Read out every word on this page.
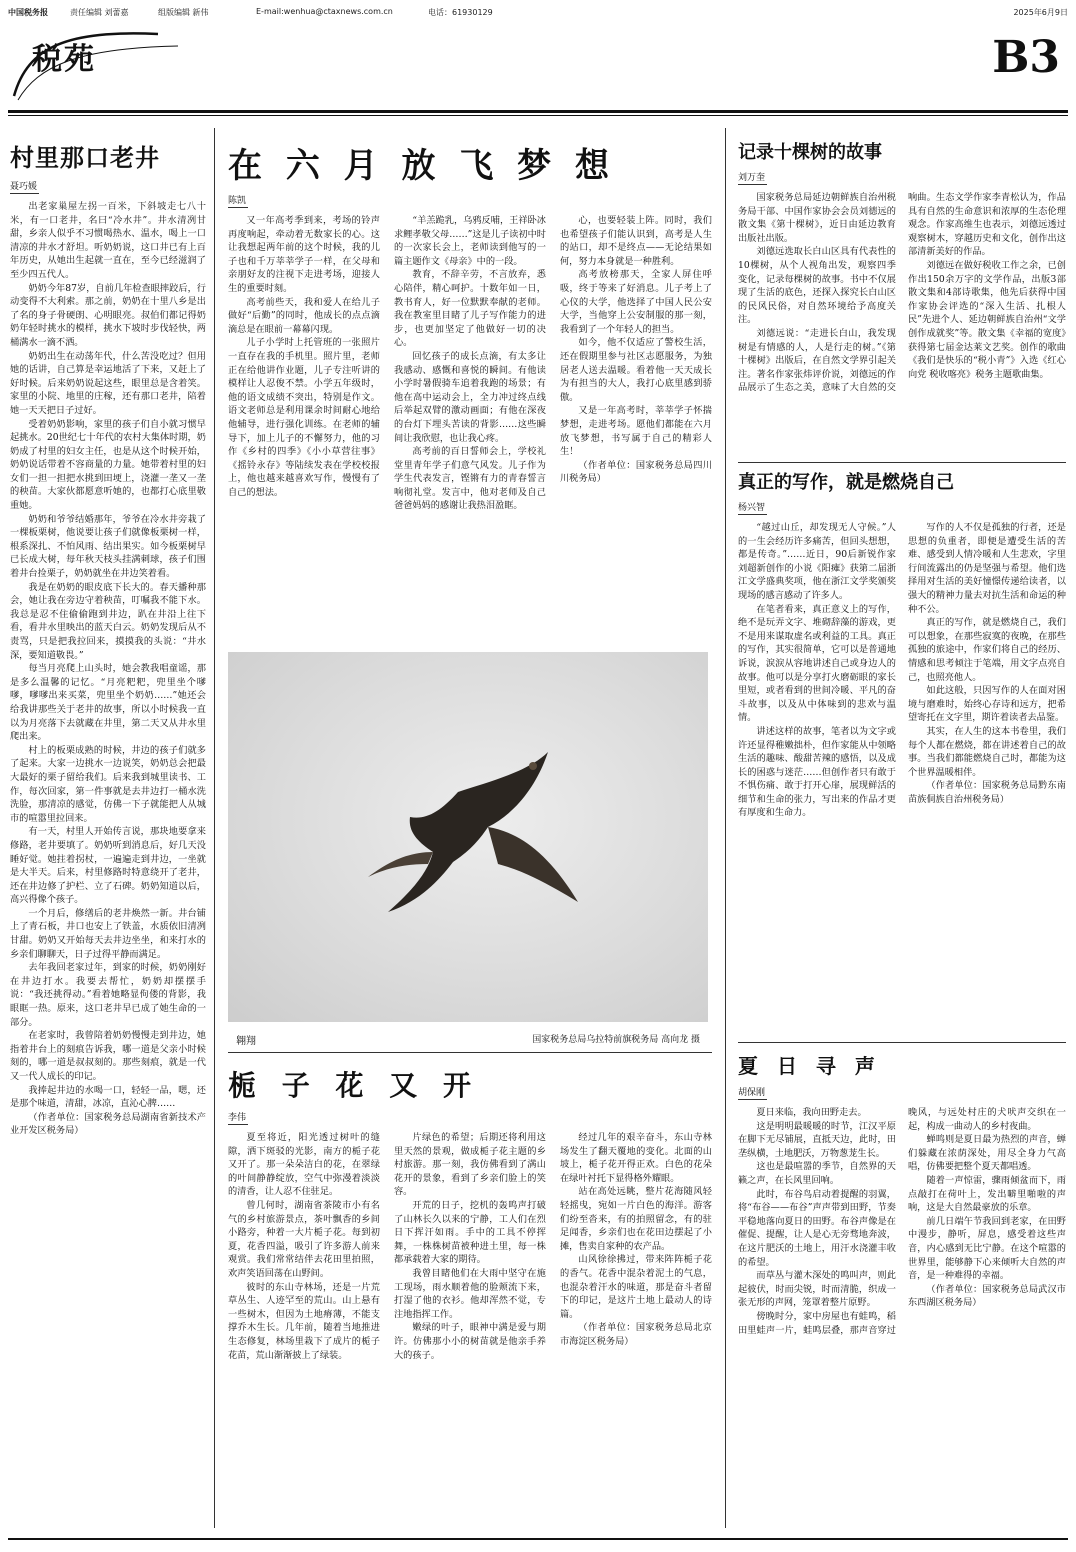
中国税务报	责任编辑 刘蕾嘉	组版编辑 新伟	E-mail:wenhua@ctaxnews.com.cn	电话：61930129	2025年6月9日
税苑	B3
村里那口老井
聂巧媛

出老家巢屋左拐一百米，下斜坡走七八十米，有一口老井，名曰“冷水井”。井水清冽甘甜，乡亲人似乎不习惯喝热水、温水，喝上一口清凉的井水才舒坦。听奶奶说，这口井已有上百年历史，从她出生起就一直在，至今已经滋润了至少四五代人。

奶奶今年87岁，自前几年检查眼摔跤后，行动变得不大利索。那之前，奶奶在十里八乡是出了名的身子骨硬朗、心明眼亮。叔伯们都记得奶奶年轻时挑水的模样，挑水下坡时步伐轻快，两桶满水一滴不洒。

奶奶出生在动荡年代，什么苦没吃过？但用她的话讲，自己算是幸运地活了下来，又赶上了好时候。后来奶奶说起这些，眼里总是含着笑。家里的小院、地里的庄稼，还有那口老井，陪着她一天天把日子过好。

受着奶奶影响，家里的孩子们自小就习惯早起挑水。20世纪七十年代的农村大集体时期，奶奶成了村里的妇女主任，也是从这个时候开始，奶奶说话带着不容商量的力量。她带着村里的妇女们一担一担把水挑到田埂上，浇灌一垄又一垄的秧苗。大家伙都愿意听她的，也都打心底里敬重她。

奶奶和爷爷结婚那年，爷爷在冷水井旁栽了一棵板栗树，他说要让孩子们就像板栗树一样，根系深扎、不怕风雨、结出果实。如今板栗树早已长成大树，每年秋天枝头挂满刺球，孩子们围着井台捡栗子，奶奶就坐在井边笑着看。

我是在奶奶的眼皮底下长大的。春天播种那会，她让我在旁边守着秧苗，叮嘱我不能下水。我总是忍不住偷偷跑到井边，趴在井沿上往下看，看井水里映出的蓝天白云。奶奶发现后从不责骂，只是把我拉回来，摸摸我的头说：“井水深，要知道敬畏。”

每当月亮爬上山头时，她会教我唱童谣，那是多么温馨的记忆。“月亮粑粑，兜里坐个嗲嗲，嗲嗲出来买菜，兜里坐个奶奶……”她还会给我讲那些关于老井的故事，所以小时候我一直以为月亮落下去就藏在井里，第二天又从井水里爬出来。

村上的板栗成熟的时候，井边的孩子们就多了起来。大家一边挑水一边说笑，奶奶总会把最大最好的栗子留给我们。后来我到城里读书、工作，每次回家，第一件事就是去井边打一桶水洗洗脸，那清凉的感觉，仿佛一下子就能把人从城市的喧嚣里拉回来。

有一天，村里人开始传言说，那块地要拿来修路，老井要填了。奶奶听到消息后，好几天没睡好觉。她拄着拐杖，一遍遍走到井边，一坐就是大半天。后来，村里修路时特意绕开了老井，还在井边修了护栏、立了石碑。奶奶知道以后，高兴得像个孩子。

一个月后，修缮后的老井焕然一新。井台铺上了青石板，井口也安上了铁盖，水质依旧清冽甘甜。奶奶又开始每天去井边坐坐，和来打水的乡亲们聊聊天，日子过得平静而满足。

去年我回老家过年，到家的时候，奶奶刚好在井边打水。我要去帮忙，奶奶却摆摆手说：“我还挑得动。”看着她略显佝偻的背影，我眼眶一热。原来，这口老井早已成了她生命的一部分。

在老家时，我曾陪着奶奶慢慢走到井边，她指着井台上的刻痕告诉我，哪一道是父亲小时候刻的，哪一道是叔叔刻的。那些刻痕，就是一代又一代人成长的印记。

我捧起井边的水喝一口，轻轻一品，嗯，还是那个味道，清甜，冰凉，直沁心脾……

（作者单位：国家税务总局湖南省新技术产业开发区税务局）

在 六 月 放 飞 梦 想
陈凯

又一年高考季到来，考场的铃声再度响起，牵动着无数家长的心。这让我想起两年前的这个时候，我的儿子也和千万莘莘学子一样，在父母和亲朋好友的注视下走进考场，迎接人生的重要时刻。

高考前些天，我和爱人在给儿子做好“后勤”的同时，他成长的点点滴滴总是在眼前一幕幕闪现。

儿子小学时上托管班的一张照片一直存在我的手机里。照片里，老师正在给他讲作业题，儿子专注听讲的模样让人忍俊不禁。小学五年级时，他的语文成绩不突出，特别是作文。语文老师总是利用课余时间耐心地给他辅导，进行强化训练。在老师的辅导下，加上儿子的不懈努力，他的习作《乡村的四季》《小小草营往事》《摇铃永存》等陆续发表在学校校报上，他也越来越喜欢写作，慢慢有了自己的想法。

“羊羔跪乳，乌鸦反哺，王祥卧冰求鲤孝敬父母……”这是儿子读初中时的一次家长会上，老师读到他写的一篇主题作文《母亲》中的一段。

教育，不辞辛劳，不言放弃，悉心陪伴，精心呵护。十数年如一日，教书育人，好一位默默奉献的老师。我在教室里目睹了儿子写作能力的进步，也更加坚定了他做好一切的决心。

回忆孩子的成长点滴，有太多让我感动、感慨和喜悦的瞬间。有他读小学时暑假骑车追着我跑的场景；有他在高中运动会上，全力冲过终点线后举起双臂的激动画面；有他在深夜的台灯下埋头苦读的背影……这些瞬间让我欣慰，也让我心疼。

高考前的百日誓师会上，学校礼堂里青年学子们意气风发。儿子作为学生代表发言，铿锵有力的青春誓言响彻礼堂。发言中，他对老师及自己爸爸妈妈的感谢让我热泪盈眶。

心，也要轻装上阵。同时，我们也希望孩子们能认识到，高考是人生的站口，却不是终点——无论结果如何，努力本身就是一种胜利。

高考放榜那天，全家人屏住呼吸，终于等来了好消息。儿子考上了心仪的大学，他选择了中国人民公安大学，当他穿上公安制服的那一刻，我看到了一个年轻人的担当。

如今，他不仅适应了警校生活，还在假期里参与社区志愿服务，为独居老人送去温暖。看着他一天天成长为有担当的大人，我打心底里感到骄傲。

又是一年高考时，莘莘学子怀揣梦想，走进考场。愿他们都能在六月放飞梦想，书写属于自己的精彩人生！

（作者单位：国家税务总局四川川税务局）

翱翔	国家税务总局乌拉特前旗税务局 高向龙 摄
栀 子 花 又 开
李伟

夏至将近，阳光透过树叶的缝隙，洒下斑驳的光影，南方的栀子花又开了。那一朵朵洁白的花，在翠绿的叶间静静绽放，空气中弥漫着淡淡的清香，让人忍不住驻足。

曾几何时，湖南省茶陵市小有名气的乡村旅游景点，茶叶飘香的乡间小路旁，种着一大片栀子花。每到初夏，花香四溢，吸引了许多游人前来观赏。我们常常结伴去花田里拍照，欢声笑语回荡在山野间。

彼时的东山寺林场，还是一片荒草丛生、人迹罕至的荒山。山上悬有一些树木，但因为土地瘠薄，不能支撑乔木生长。几年前，随着当地推进生态修复，林场里栽下了成片的栀子花苗，荒山渐渐披上了绿装。

片绿色的希望；后期还将利用这里天然的景观，做成栀子花主题的乡村旅游。那一刻，我仿佛看到了满山花开的景象，看到了乡亲们脸上的笑容。

开荒的日子，挖机的轰鸣声打破了山林长久以来的宁静，工人们在烈日下挥汗如雨。手中的工具不停挥舞，一株株树苗被种进土里，每一株都承载着大家的期待。

我曾目睹他们在大雨中坚守在施工现场，雨水顺着他的脸颊流下来，打湿了他的衣衫。他却浑然不觉，专注地指挥工作。

嫩绿的叶子，眼神中满是爱与期许。仿佛那小小的树苗就是他亲手养大的孩子。

经过几年的艰辛奋斗，东山寺林场发生了翻天覆地的变化。北面的山坡上，栀子花开得正欢。白色的花朵在绿叶衬托下显得格外耀眼。

站在高处远眺，整片花海随风轻轻摇曳，宛如一片白色的海洋。游客们纷至沓来，有的拍照留念，有的驻足闻香，乡亲们也在花田边摆起了小摊，售卖自家种的农产品。

山风徐徐拂过，带来阵阵栀子花的香气。花香中混杂着泥土的气息，也混杂着汗水的味道，那是奋斗者留下的印记，是这片土地上最动人的诗篇。

（作者单位：国家税务总局北京市海淀区税务局）

记录十棵树的故事
刘万奎

国家税务总局延边朝鲜族自治州税务局干部、中国作家协会会员刘德远的散文集《第十棵树》，近日由延边教育出版社出版。

刘德远选取长白山区具有代表性的10棵树，从个人视角出发，观察四季变化，记录每棵树的故事。书中不仅展现了生活的底色，还探入探究长白山区的民风民俗，对自然环境给予高度关注。

刘德远说：“走进长白山，我发现树是有情感的人，人是行走的树。”《第十棵树》出版后，在自然文学界引起关注。著名作家张炜评价说，刘德远的作品展示了生态之美，意味了大自然的交响曲。生态文学作家李青松认为，作品具有自然的生命意识和浓厚的生态伦理观念。作家高维生也表示，刘德远透过观察树木，穿越历史和文化，创作出这部清新美好的作品。

刘德远在做好税收工作之余，已创作出150余万字的文学作品，出版3部散文集和4部诗歌集，他先后获得中国作家协会评选的“深入生活、扎根人民”先进个人、延边朝鲜族自治州“文学创作成就奖”等。散文集《幸福的宽度》获得第七届金达莱文艺奖。创作的歌曲《我们是快乐的“税小青”》入选《红心向党 税收喀亮》税务主题歌曲集。

真正的写作，就是燃烧自己
杨兴智

“越过山丘，却发现无人守候。”人的一生会经历许多痛苦，但回头想想，都是传奇。”……近日，90后新锐作家刘超新创作的小说《阳瘫》获第二届浙江文学盛典奖项，他在浙江文学奖颁奖现场的感言感动了许多人。

在笔者看来，真正意义上的写作，绝不是玩弄文字、堆砌辞藻的游戏，更不是用来谋取虚名或利益的工具。真正的写作，其实很简单，它可以是普通地诉说，涙涙从容地讲述自己或身边人的故事。他可以是分享打火磨砺眼的家长里短，或者看到的世间冷暖、平凡的奋斗故事，以及从中体味到的悲欢与温情。

讲述这样的故事，笔者以为文字或许还显得稚嫩拙朴，但作家能从中领略生活的趣味、酸甜苦辣的感悟，以及成长的困惑与迷茫……但创作者只有敢于不惧伤痛、敢于打开心扉，展现鲜活的细节和生命的张力，写出来的作品才更有厚度和生命力。

写作的人不仅是孤独的行者，还是思想的负重者，即便是遭受生活的苦难、感受到人情冷暖和人生悲欢，字里行间流露出的仍是坚强与希望。他们选择用对生活的美好憧憬传递给读者，以强大的精神力量去对抗生活和命运的种种不公。

真正的写作，就是燃烧自己，我们可以想象，在那些寂寞的夜晚，在那些孤独的旅途中，作家们将自己的经历、情感和思考倾注于笔端，用文字点亮自己，也照亮他人。

如此这般，只因写作的人在面对困境与磨难时，始终心存诗和远方，把希望寄托在文字里，期许着读者去品鉴。

其实，在人生的这本书卷里，我们每个人都在燃烧，都在讲述着自己的故事。当我们都能燃烧自己时，都能为这个世界温暖相伴。

（作者单位：国家税务总局黔东南苗族侗族自治州税务局）

夏 日 寻 声
胡保刚

夏日来临，我向田野走去。

这是明明最暖暖的时节，江汉平原在脚下无尽铺展，直抵天边，此时，田垄纵横，土地肥沃，万物葱茏生长。

这也是最喧嚣的季节，自然界的天籁之声，在长风里回响。

此时，布谷鸟启动着提醒的羽翼，将“布谷——布谷”声声带到田野，节奏平稳地落向夏日的田野。布谷声像是在催促、提醒，让人是心无旁骛地奔波，在这片肥沃的土地上，用汗水浇灌丰收的希望。

而草丛与灌木深处的鸣叫声，则此起彼伏，时而尖锐，时而清脆，织成一张无形的声网，笼罩着整片原野。

傍晚时分，家中房屋也有蛙鸣，稻田里蛙声一片，蛙鸣层叠，那声音穿过晚风，与远处村庄的犬吠声交织在一起，构成一曲动人的乡村夜曲。

蝉鸣则是夏日最为热烈的声音，蝉们躲藏在浓荫深处，用尽全身力气高唱，仿佛要把整个夏天都唱透。

随着一声惊雷，骤雨倾盆而下，雨点敲打在荷叶上，发出噼里啪啦的声响，这是大自然最豪放的乐章。

前几日端午节我回到老家，在田野中漫步，静听，屏息，感受着这些声音，内心感到无比宁静。在这个喧嚣的世界里，能够静下心来倾听大自然的声音，是一种难得的幸福。

（作者单位：国家税务总局武汉市东西湖区税务局）
